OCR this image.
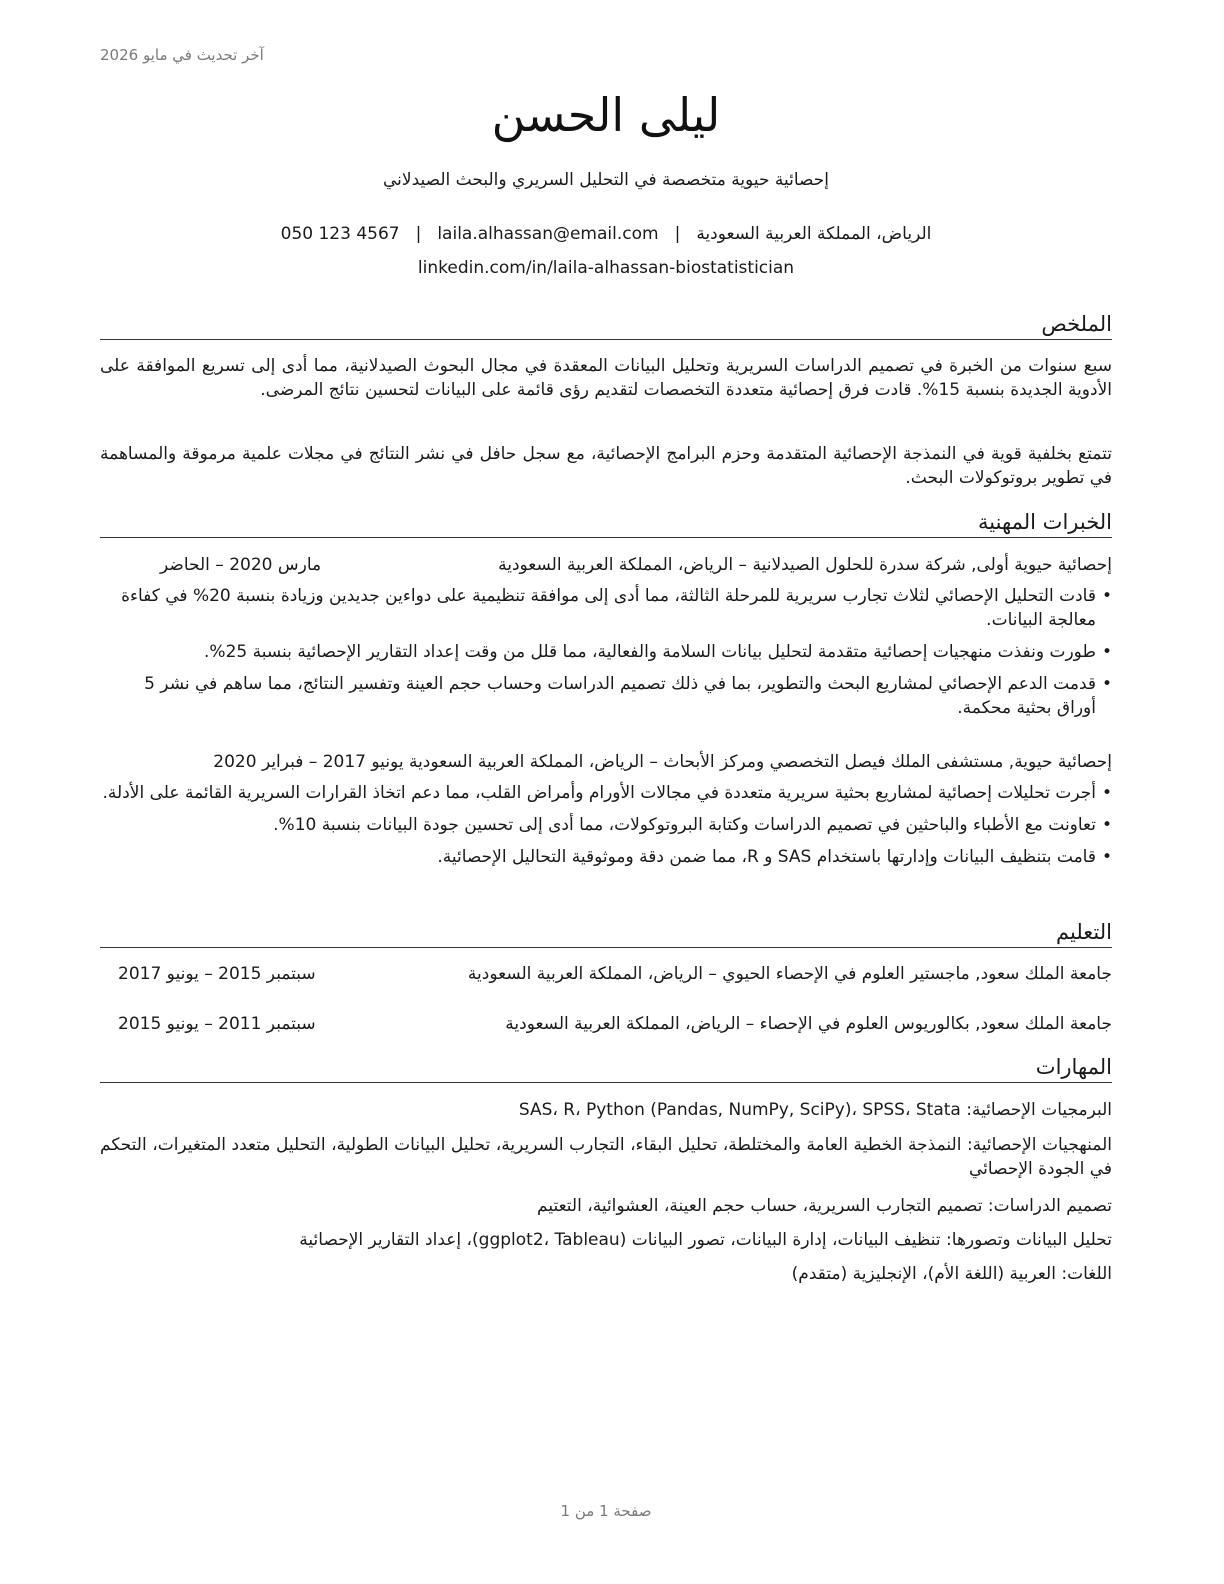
آخر تحديث في مايو 2026
ليلى الحسن
إحصائية حيوية متخصصة في التحليل السريري والبحث الصيدلاني
الرياض، المملكة العربية السعودية|laila.alhassan@email.com|050 123 4567
linkedin.com/in/laila-alhassan-biostatistician
الملخص
سبع سنوات من الخبرة في تصميم الدراسات السريرية وتحليل البيانات المعقدة في مجال البحوث الصيدلانية، مما أدى إلى تسريع الموافقة على الأدوية الجديدة بنسبة 15%. قادت فرق إحصائية متعددة التخصصات لتقديم رؤى قائمة على البيانات لتحسين نتائج المرضى.
تتمتع بخلفية قوية في النمذجة الإحصائية المتقدمة وحزم البرامج الإحصائية، مع سجل حافل في نشر النتائج في مجلات علمية مرموقة والمساهمة في تطوير بروتوكولات البحث.
الخبرات المهنية
إحصائية حيوية أولى, شركة سدرة للحلول الصيدلانية – الرياض، المملكة العربية السعودية
مارس 2020 – الحاضر
• قادت التحليل الإحصائي لثلاث تجارب سريرية للمرحلة الثالثة، مما أدى إلى موافقة تنظيمية على دواءين جديدين وزيادة بنسبة 20% في كفاءة معالجة البيانات.
• طورت ونفذت منهجيات إحصائية متقدمة لتحليل بيانات السلامة والفعالية، مما قلل من وقت إعداد التقارير الإحصائية بنسبة 25%.
• قدمت الدعم الإحصائي لمشاريع البحث والتطوير، بما في ذلك تصميم الدراسات وحساب حجم العينة وتفسير النتائج، مما ساهم في نشر 5 أوراق بحثية محكمة.
إحصائية حيوية, مستشفى الملك فيصل التخصصي ومركز الأبحاث – الرياض، المملكة العربية السعودية يونيو 2017 – فبراير 2020
• أجرت تحليلات إحصائية لمشاريع بحثية سريرية متعددة في مجالات الأورام وأمراض القلب، مما دعم اتخاذ القرارات السريرية القائمة على الأدلة.
• تعاونت مع الأطباء والباحثين في تصميم الدراسات وكتابة البروتوكولات، مما أدى إلى تحسين جودة البيانات بنسبة 10%.
• قامت بتنظيف البيانات وإدارتها باستخدام SAS و R، مما ضمن دقة وموثوقية التحاليل الإحصائية.
التعليم
جامعة الملك سعود, ماجستير العلوم في الإحصاء الحيوي – الرياض، المملكة العربية السعودية
سبتمبر 2015 – يونيو 2017
جامعة الملك سعود, بكالوريوس العلوم في الإحصاء – الرياض، المملكة العربية السعودية
سبتمبر 2011 – يونيو 2015
المهارات
البرمجيات الإحصائية: SAS، R، Python (Pandas, NumPy, SciPy)، SPSS، Stata
المنهجيات الإحصائية: النمذجة الخطية العامة والمختلطة، تحليل البقاء، التجارب السريرية، تحليل البيانات الطولية، التحليل متعدد المتغيرات، التحكم في الجودة الإحصائي
تصميم الدراسات: تصميم التجارب السريرية، حساب حجم العينة، العشوائية، التعتيم
تحليل البيانات وتصورها: تنظيف البيانات، إدارة البيانات، تصور البيانات (ggplot2، Tableau)، إعداد التقارير الإحصائية
اللغات: العربية (اللغة الأم)، الإنجليزية (متقدم)
صفحة 1 من 1
